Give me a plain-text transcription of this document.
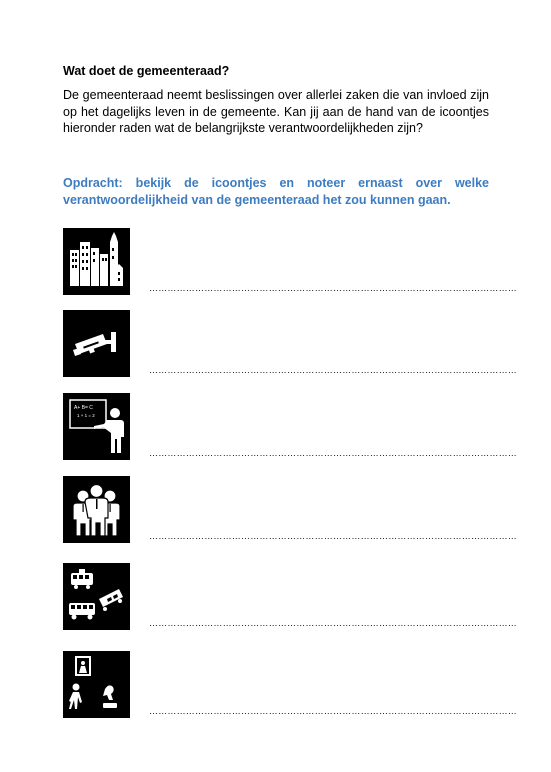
Wat doet de gemeenteraad?
De gemeenteraad neemt beslissingen over allerlei zaken die van invloed zijn op het dagelijks leven in de gemeente. Kan jij aan de hand van de icoontjes hieronder raden wat de belangrijkste verantwoordelijkheden zijn?
Opdracht: bekijk de icoontjes en noteer ernaast over welke verantwoordelijkheid van de gemeenteraad het zou kunnen gaan.
…………………………………………………………………………………………………………
…………………………………………………………………………………………………………
A+ B= C
1 + 1 = 2
…………………………………………………………………………………………………………
…………………………………………………………………………………………………………
…………………………………………………………………………………………………………
…………………………………………………………………………………………………………
